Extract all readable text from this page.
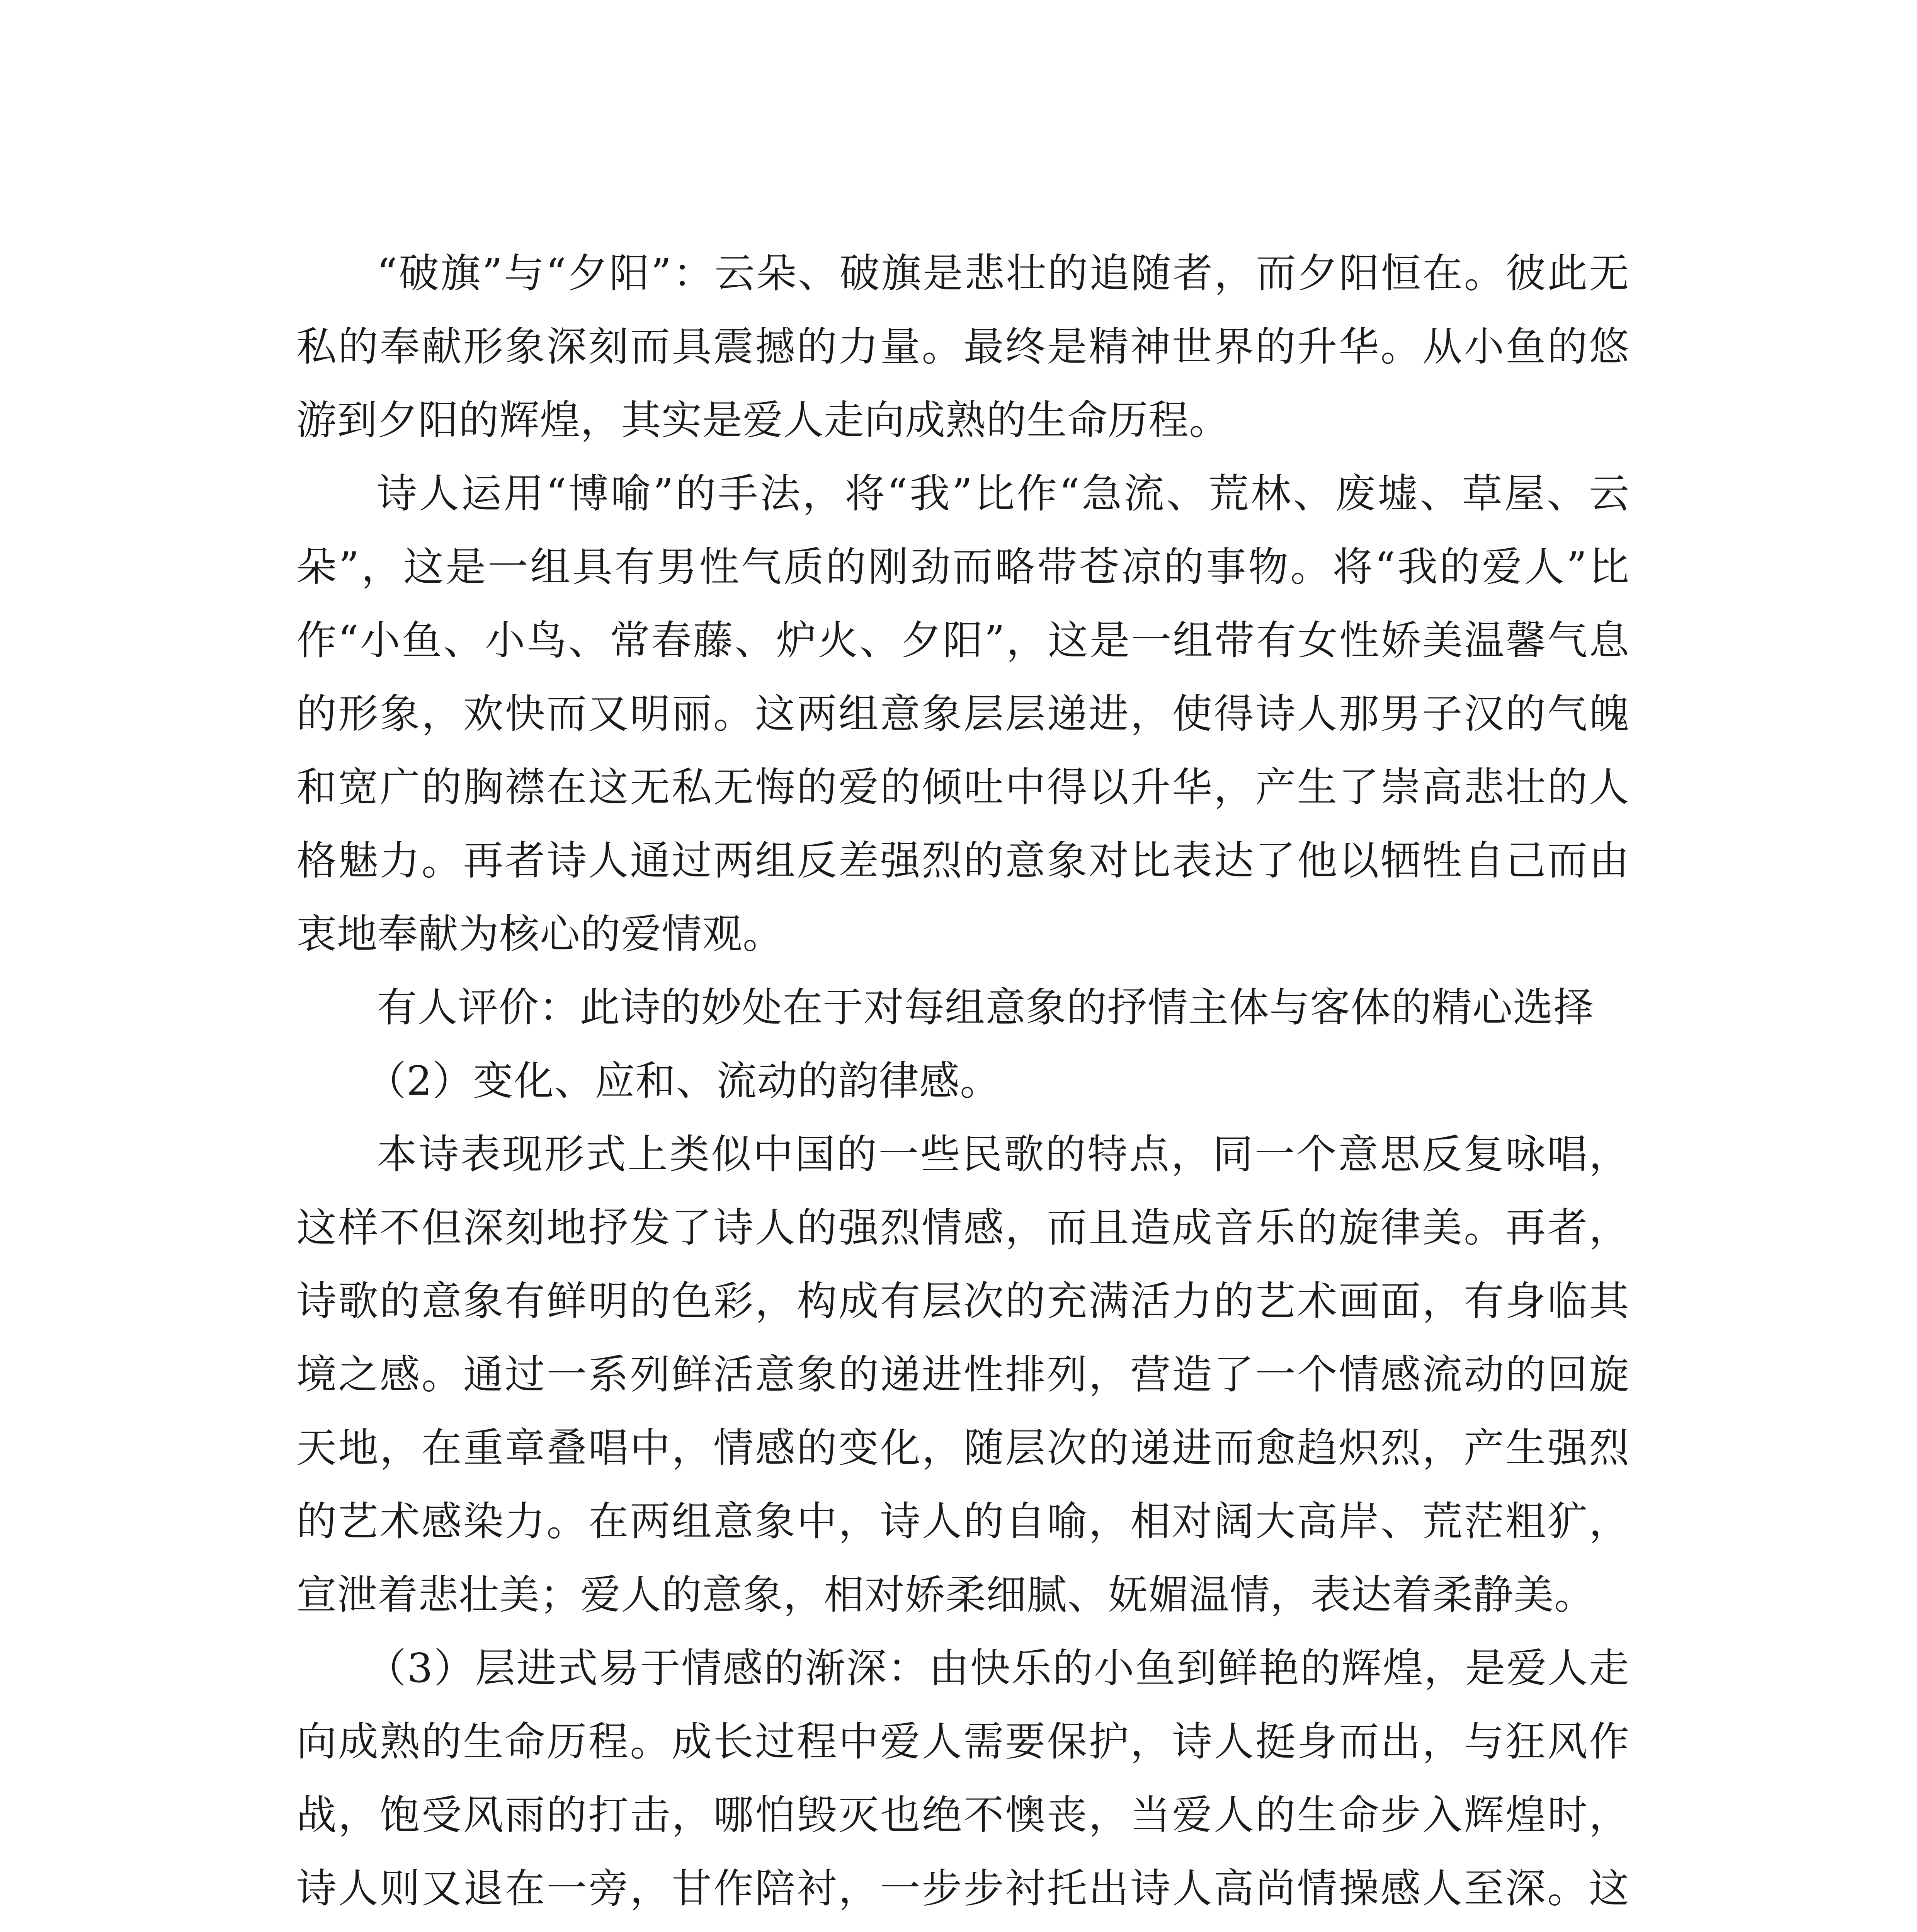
“破旗”与“夕阳”：云朵、破旗是悲壮的追随者，而夕阳恒在。彼此无私的奉献形象深刻而具震撼的力量。最终是精神世界的升华。从小鱼的悠游到夕阳的辉煌，其实是爱人走向成熟的生命历程。

诗人运用“博喻”的手法，将“我”比作“急流、荒林、废墟、草屋、云朵”，这是一组具有男性气质的刚劲而略带苍凉的事物。将“我的爱人”比作“小鱼、小鸟、常春藤、炉火、夕阳”，这是一组带有女性娇美温馨气息的形象，欢快而又明丽。这两组意象层层递进，使得诗人那男子汉的气魄和宽广的胸襟在这无私无悔的爱的倾吐中得以升华，产生了崇高悲壮的人格魅力。再者诗人通过两组反差强烈的意象对比表达了他以牺牲自己而由衷地奉献为核心的爱情观。

有人评价：此诗的妙处在于对每组意象的抒情主体与客体的精心选择

（2）变化、应和、流动的韵律感。

本诗表现形式上类似中国的一些民歌的特点，同一个意思反复咏唱，这样不但深刻地抒发了诗人的强烈情感，而且造成音乐的旋律美。再者，诗歌的意象有鲜明的色彩，构成有层次的充满活力的艺术画面，有身临其境之感。通过一系列鲜活意象的递进性排列，营造了一个情感流动的回旋天地，在重章叠唱中，情感的变化，随层次的递进而愈趋炽烈，产生强烈的艺术感染力。在两组意象中，诗人的自喻，相对阔大高岸、荒茫粗犷，宣泄着悲壮美；爱人的意象，相对娇柔细腻、妩媚温情，表达着柔静美。

（3）层进式易于情感的渐深：由快乐的小鱼到鲜艳的辉煌，是爱人走向成熟的生命历程。成长过程中爱人需要保护，诗人挺身而出，与狂风作战，饱受风雨的打击，哪怕毁灭也绝不懊丧，当爱人的生命步入辉煌时，诗人则又退在一旁，甘作陪衬，一步步衬托出诗人高尚情操感人至深。这
